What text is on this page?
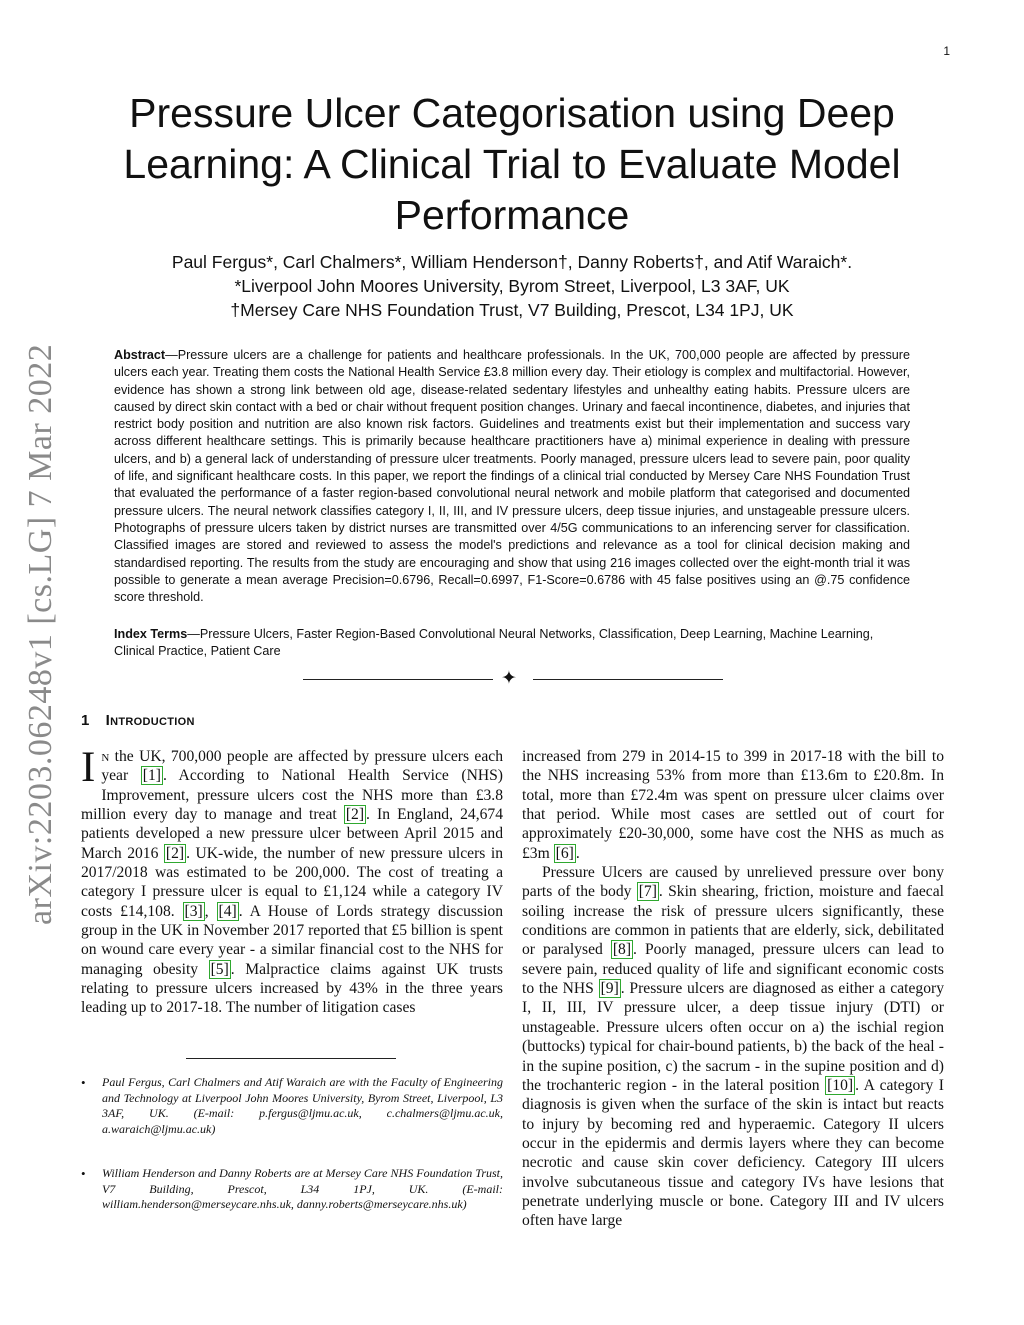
1
arXiv:2203.06248v1 [cs.LG] 7 Mar 2022
Pressure Ulcer Categorisation using Deep Learning: A Clinical Trial to Evaluate Model Performance
Paul Fergus*, Carl Chalmers*, William Henderson†, Danny Roberts†, and Atif Waraich*.
*Liverpool John Moores University, Byrom Street, Liverpool, L3 3AF, UK
†Mersey Care NHS Foundation Trust, V7 Building, Prescot, L34 1PJ, UK
Abstract—Pressure ulcers are a challenge for patients and healthcare professionals. In the UK, 700,000 people are affected by pressure ulcers each year. Treating them costs the National Health Service £3.8 million every day. Their etiology is complex and multifactorial. However, evidence has shown a strong link between old age, disease-related sedentary lifestyles and unhealthy eating habits. Pressure ulcers are caused by direct skin contact with a bed or chair without frequent position changes. Urinary and faecal incontinence, diabetes, and injuries that restrict body position and nutrition are also known risk factors. Guidelines and treatments exist but their implementation and success vary across different healthcare settings. This is primarily because healthcare practitioners have a) minimal experience in dealing with pressure ulcers, and b) a general lack of understanding of pressure ulcer treatments. Poorly managed, pressure ulcers lead to severe pain, poor quality of life, and significant healthcare costs. In this paper, we report the findings of a clinical trial conducted by Mersey Care NHS Foundation Trust that evaluated the performance of a faster region-based convolutional neural network and mobile platform that categorised and documented pressure ulcers. The neural network classifies category I, II, III, and IV pressure ulcers, deep tissue injuries, and unstageable pressure ulcers. Photographs of pressure ulcers taken by district nurses are transmitted over 4/5G communications to an inferencing server for classification. Classified images are stored and reviewed to assess the model's predictions and relevance as a tool for clinical decision making and standardised reporting. The results from the study are encouraging and show that using 216 images collected over the eight-month trial it was possible to generate a mean average Precision=0.6796, Recall=0.6997, F1-Score=0.6786 with 45 false positives using an @.75 confidence score threshold.
Index Terms—Pressure Ulcers, Faster Region-Based Convolutional Neural Networks, Classification, Deep Learning, Machine Learning, Clinical Practice, Patient Care
✦
1 Introduction

In the UK, 700,000 people are affected by pressure ulcers each year [1] . According to National Health Service (NHS) Improvement, pressure ulcers cost the NHS more than £3.8 million every day to manage and treat [2] . In England, 24,674 patients developed a new pressure ulcer between April 2015 and March 2016 [2] . UK-wide, the number of new pressure ulcers in 2017/2018 was estimated to be 200,000. The cost of treating a category I pressure ulcer is equal to £1,124 while a category IV costs £14,108. [3] , [4] . A House of Lords strategy discussion group in the UK in November 2017 reported that £5 billion is spent on wound care every year - a similar financial cost to the NHS for managing obesity [5] . Malpractice claims against UK trusts relating to pressure ulcers increased by 43% in the three years leading up to 2017-18. The number of litigation cases

• Paul Fergus, Carl Chalmers and Atif Waraich are with the Faculty of Engineering and Technology at Liverpool John Moores University, Byrom Street, Liverpool, L3 3AF, UK. (E-mail: p.fergus@ljmu.ac.uk, c.chalmers@ljmu.ac.uk, a.waraich@ljmu.ac.uk)
• William Henderson and Danny Roberts are at Mersey Care NHS Foundation Trust, V7 Building, Prescot, L34 1PJ, UK. (E-mail: william.henderson@merseycare.nhs.uk, danny.roberts@merseycare.nhs.uk)

increased from 279 in 2014-15 to 399 in 2017-18 with the bill to the NHS increasing 53% from more than £13.6m to £20.8m. In total, more than £72.4m was spent on pressure ulcer claims over that period. While most cases are settled out of court for approximately £20-30,000, some have cost the NHS as much as £3m [6] .

Pressure Ulcers are caused by unrelieved pressure over bony parts of the body [7] . Skin shearing, friction, moisture and faecal soiling increase the risk of pressure ulcers significantly, these conditions are common in patients that are elderly, sick, debilitated or paralysed [8] . Poorly managed, pressure ulcers can lead to severe pain, reduced quality of life and significant economic costs to the NHS [9] . Pressure ulcers are diagnosed as either a category I, II, III, IV pressure ulcer, a deep tissue injury (DTI) or unstageable. Pressure ulcers often occur on a) the ischial region (buttocks) typical for chair-bound patients, b) the back of the heal - in the supine position, c) the sacrum - in the supine position and d) the trochanteric region - in the lateral position [10] . A category I diagnosis is given when the surface of the skin is intact but reacts to injury by becoming red and hyperaemic. Category II ulcers occur in the epidermis and dermis layers where they can become necrotic and cause skin cover deficiency. Category III ulcers involve subcutaneous tissue and category IVs have lesions that penetrate underlying muscle or bone. Category III and IV ulcers often have large
